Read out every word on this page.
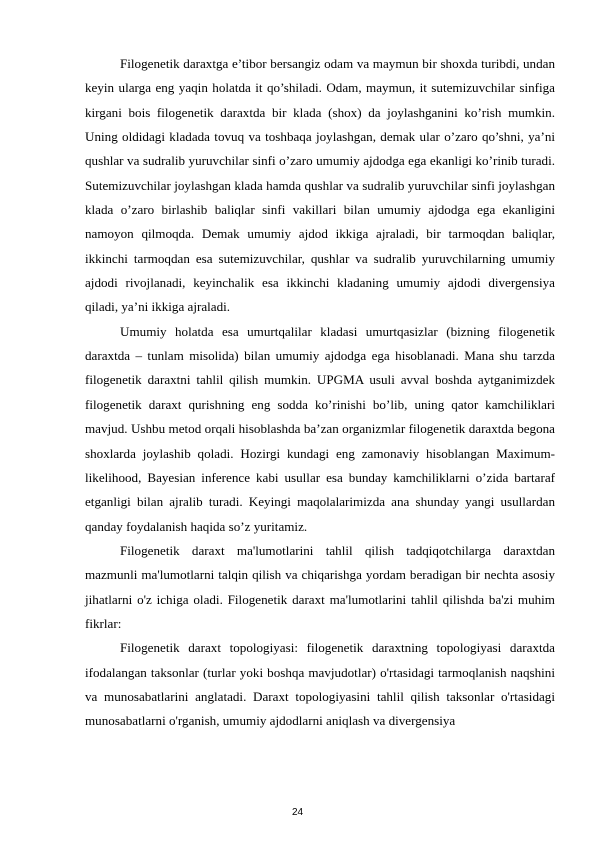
Filogenetik daraxtga e’tibor bersangiz odam va maymun bir shoxda turibdi, undan keyin ularga eng yaqin holatda it qo’shiladi. Odam, maymun, it sutemizuvchilar sinfiga kirgani bois filogenetik daraxtda bir klada (shox) da joylashganini ko’rish mumkin. Uning oldidagi kladada tovuq va toshbaqa joylashgan, demak ular o’zaro qo’shni, ya’ni qushlar va sudralib yuruvchilar sinfi o’zaro umumiy ajdodga ega ekanligi ko’rinib turadi. Sutemizuvchilar joylashgan klada hamda qushlar va sudralib yuruvchilar sinfi joylashgan klada o’zaro birlashib baliqlar sinfi vakillari bilan umumiy ajdodga ega ekanligini namoyon qilmoqda. Demak umumiy ajdod ikkiga ajraladi, bir tarmoqdan baliqlar, ikkinchi tarmoqdan esa sutemizuvchilar, qushlar va sudralib yuruvchilarning umumiy ajdodi rivojlanadi, keyinchalik esa ikkinchi kladaning umumiy ajdodi divergensiya qiladi, ya’ni ikkiga ajraladi.

Umumiy holatda esa umurtqalilar kladasi umurtqasizlar (bizning filogenetik daraxtda – tunlam misolida) bilan umumiy ajdodga ega hisoblanadi. Mana shu tarzda filogenetik daraxtni tahlil qilish mumkin. UPGMA usuli avval boshda aytganimizdek filogenetik daraxt qurishning eng sodda ko’rinishi bo’lib, uning qator kamchiliklari mavjud. Ushbu metod orqali hisoblashda ba’zan organizmlar filogenetik daraxtda begona shoxlarda joylashib qoladi. Hozirgi kundagi eng zamonaviy hisoblangan Maximum-likelihood, Bayesian inference kabi usullar esa bunday kamchiliklarni o’zida bartaraf etganligi bilan ajralib turadi. Keyingi maqolalarimizda ana shunday yangi usullardan qanday foydalanish haqida so’z yuritamiz.

Filogenetik daraxt ma'lumotlarini tahlil qilish tadqiqotchilarga daraxtdan mazmunli ma'lumotlarni talqin qilish va chiqarishga yordam beradigan bir nechta asosiy jihatlarni o'z ichiga oladi. Filogenetik daraxt ma'lumotlarini tahlil qilishda ba'zi muhim fikrlar:

Filogenetik daraxt topologiyasi: filogenetik daraxtning topologiyasi daraxtda ifodalangan taksonlar (turlar yoki boshqa mavjudotlar) o'rtasidagi tarmoqlanish naqshini va munosabatlarini anglatadi. Daraxt topologiyasini tahlil qilish taksonlar o'rtasidagi munosabatlarni o'rganish, umumiy ajdodlarni aniqlash va divergensiya

24
